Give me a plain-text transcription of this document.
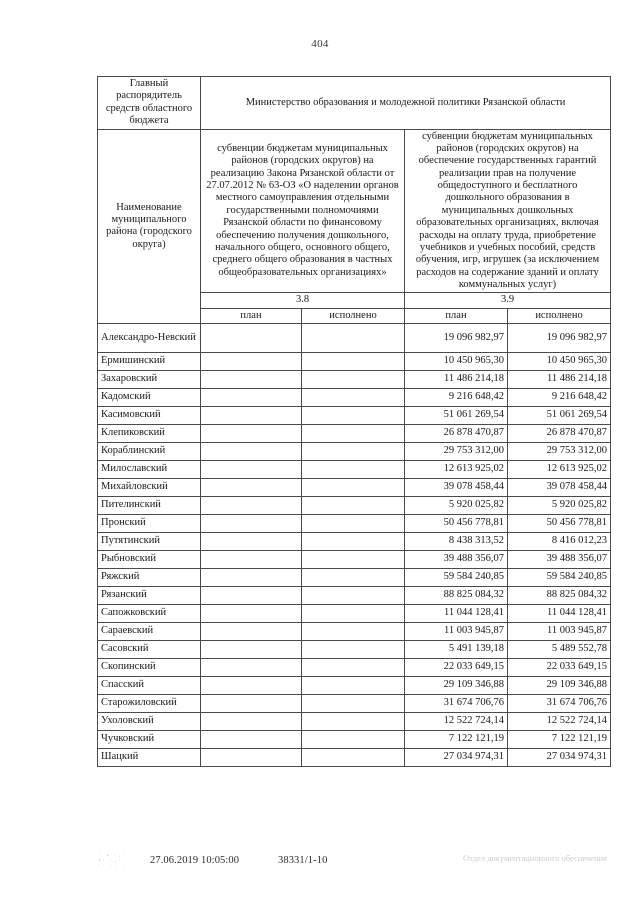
404
Главный распорядитель средств областного бюджета	Министерство образования и молодежной политики Рязанской области			
Наименование муниципального района (городского округа)	субвенции бюджетам муниципальных районов (городских округов) на реализацию Закона Рязанской области от 27.07.2012 № 63-ОЗ «О наделении органов местного самоуправления отдельными государственными полномочиями Рязанской области по финансовому обеспечению получения дошкольного, начального общего, основного общего, среднего общего образования в частных общеобразовательных организациях»	субвенции бюджетам муниципальных районов (городских округов) на обеспечение государственных гарантий реализации прав на получение общедоступного и бесплатного дошкольного образования в муниципальных дошкольных образовательных организациях, включая расходы на оплату труда, приобретение учебников и учебных пособий, средств обучения, игр, игрушек (за исключением расходов на содержание зданий и оплату коммунальных услуг)
	3.8		3.9	
	план	исполнено	план	исполнено
Александро-Невский			19 096 982,97	19 096 982,97
Ермишинский			10 450 965,30	10 450 965,30
Захаровский			11 486 214,18	11 486 214,18
Кадомский			9 216 648,42	9 216 648,42
Касимовский			51 061 269,54	51 061 269,54
Клепиковский			26 878 470,87	26 878 470,87
Кораблинский			29 753 312,00	29 753 312,00
Милославский			12 613 925,02	12 613 925,02
Михайловский			39 078 458,44	39 078 458,44
Пителинский			5 920 025,82	5 920 025,82
Пронский			50 456 778,81	50 456 778,81
Путятинский			8 438 313,52	8 416 012,23
Рыбновский			39 488 356,07	39 488 356,07
Ряжский			59 584 240,85	59 584 240,85
Рязанский			88 825 084,32	88 825 084,32
Сапожковский			11 044 128,41	11 044 128,41
Сараевский			11 003 945,87	11 003 945,87
Сасовский			5 491 139,18	5 489 552,78
Скопинский			22 033 649,15	22 033 649,15
Спасский			29 109 346,88	29 109 346,88
Старожиловский			31 674 706,76	31 674 706,76
Ухоловский			12 522 724,14	12 522 724,14
Чучковский			7 122 121,19	7 122 121,19
Шацкий			27 034 974,31	27 034 974,31
· ∙ ·:·
∙· ·.·
·· ·· ·	27.06.2019 10:05:00	38331/1-10	Отдел документационного обеспечения
